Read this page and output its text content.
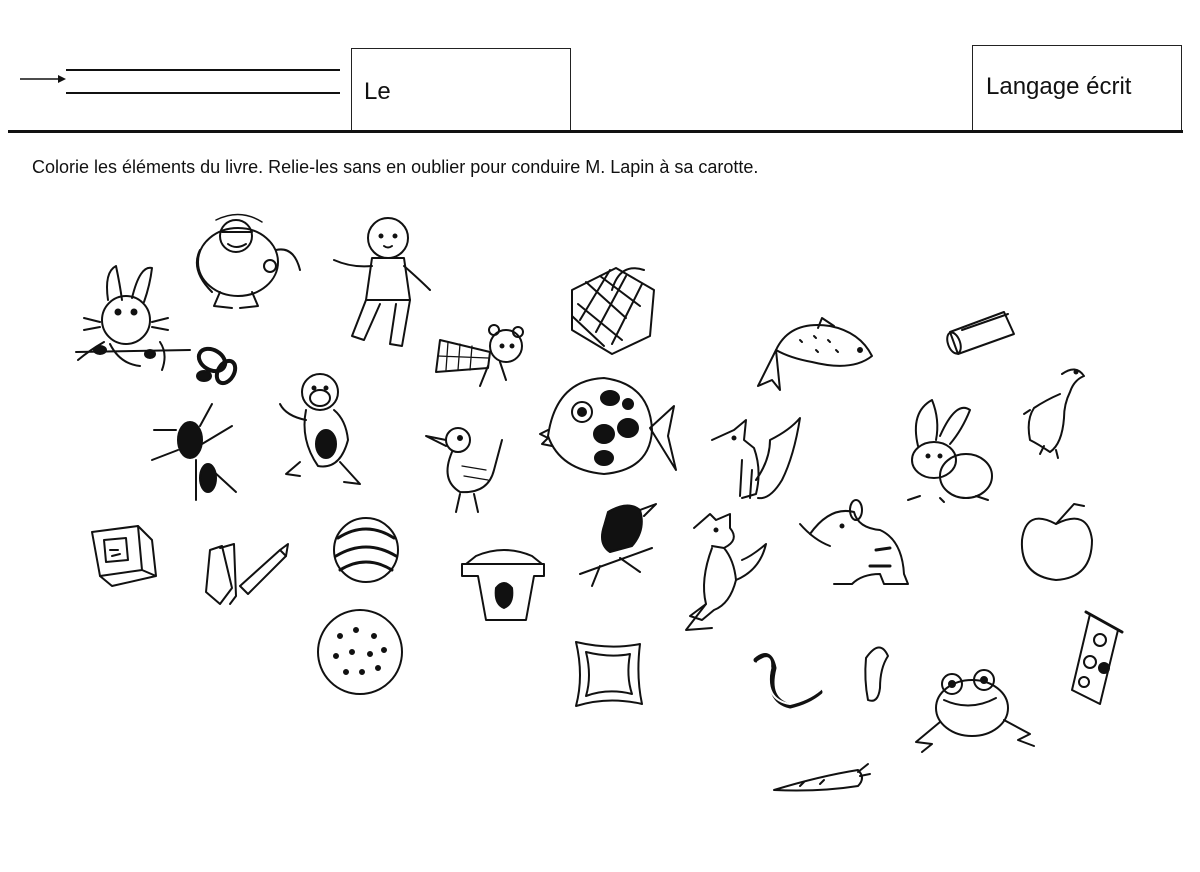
Le	Langage écrit
Colorie les éléments du livre. Relie-les sans en oublier pour conduire M. Lapin à sa carotte.
